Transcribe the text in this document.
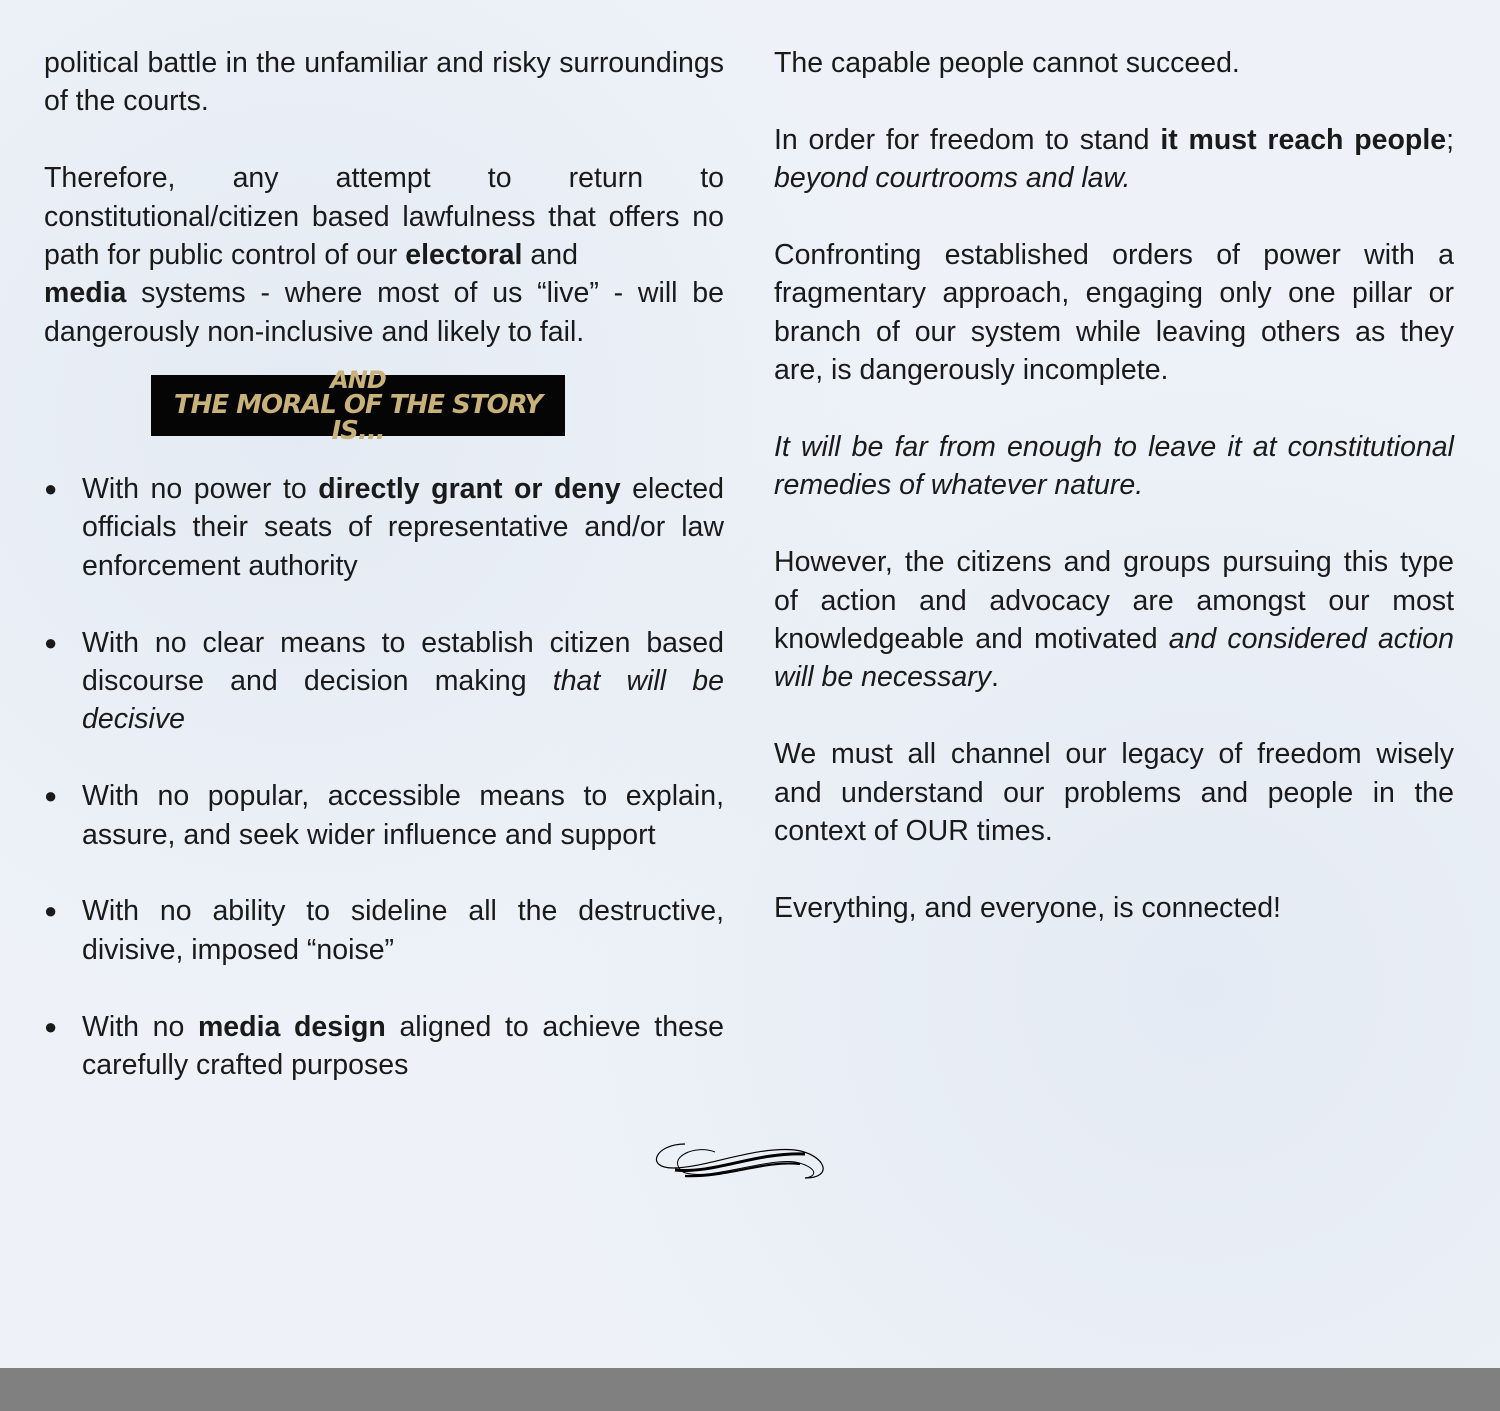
political battle in the unfamiliar and risky surroundings of the courts.

Therefore, any attempt to return to constitutional/citizen based lawfulness that offers no path for public control of our electoral and
media systems - where most of us “live” - will be dangerously non-inclusive and likely to fail.

AND
THE MORAL OF THE STORY IS...
● With no power to directly grant or deny elected officials their seats of representative and/or law enforcement authority
● With no clear means to establish citizen based discourse and decision making that will be decisive
● With no popular, accessible means to explain, assure, and seek wider influence and support
● With no ability to sideline all the destructive, divisive, imposed “noise”
● With no media design aligned to achieve these carefully crafted purposes

The capable people cannot succeed.

In order for freedom to stand it must reach people; beyond courtrooms and law.

Confronting established orders of power with a fragmentary approach, engaging only one pillar or branch of our system while leaving others as they are, is dangerously incomplete.

It will be far from enough to leave it at constitutional remedies of whatever nature.

However, the citizens and groups pursuing this type of action and advocacy are amongst our most knowledgeable and motivated and considered action will be necessary.

We must all channel our legacy of freedom wisely and understand our problems and people in the context of OUR times.

Everything, and everyone, is connected!
